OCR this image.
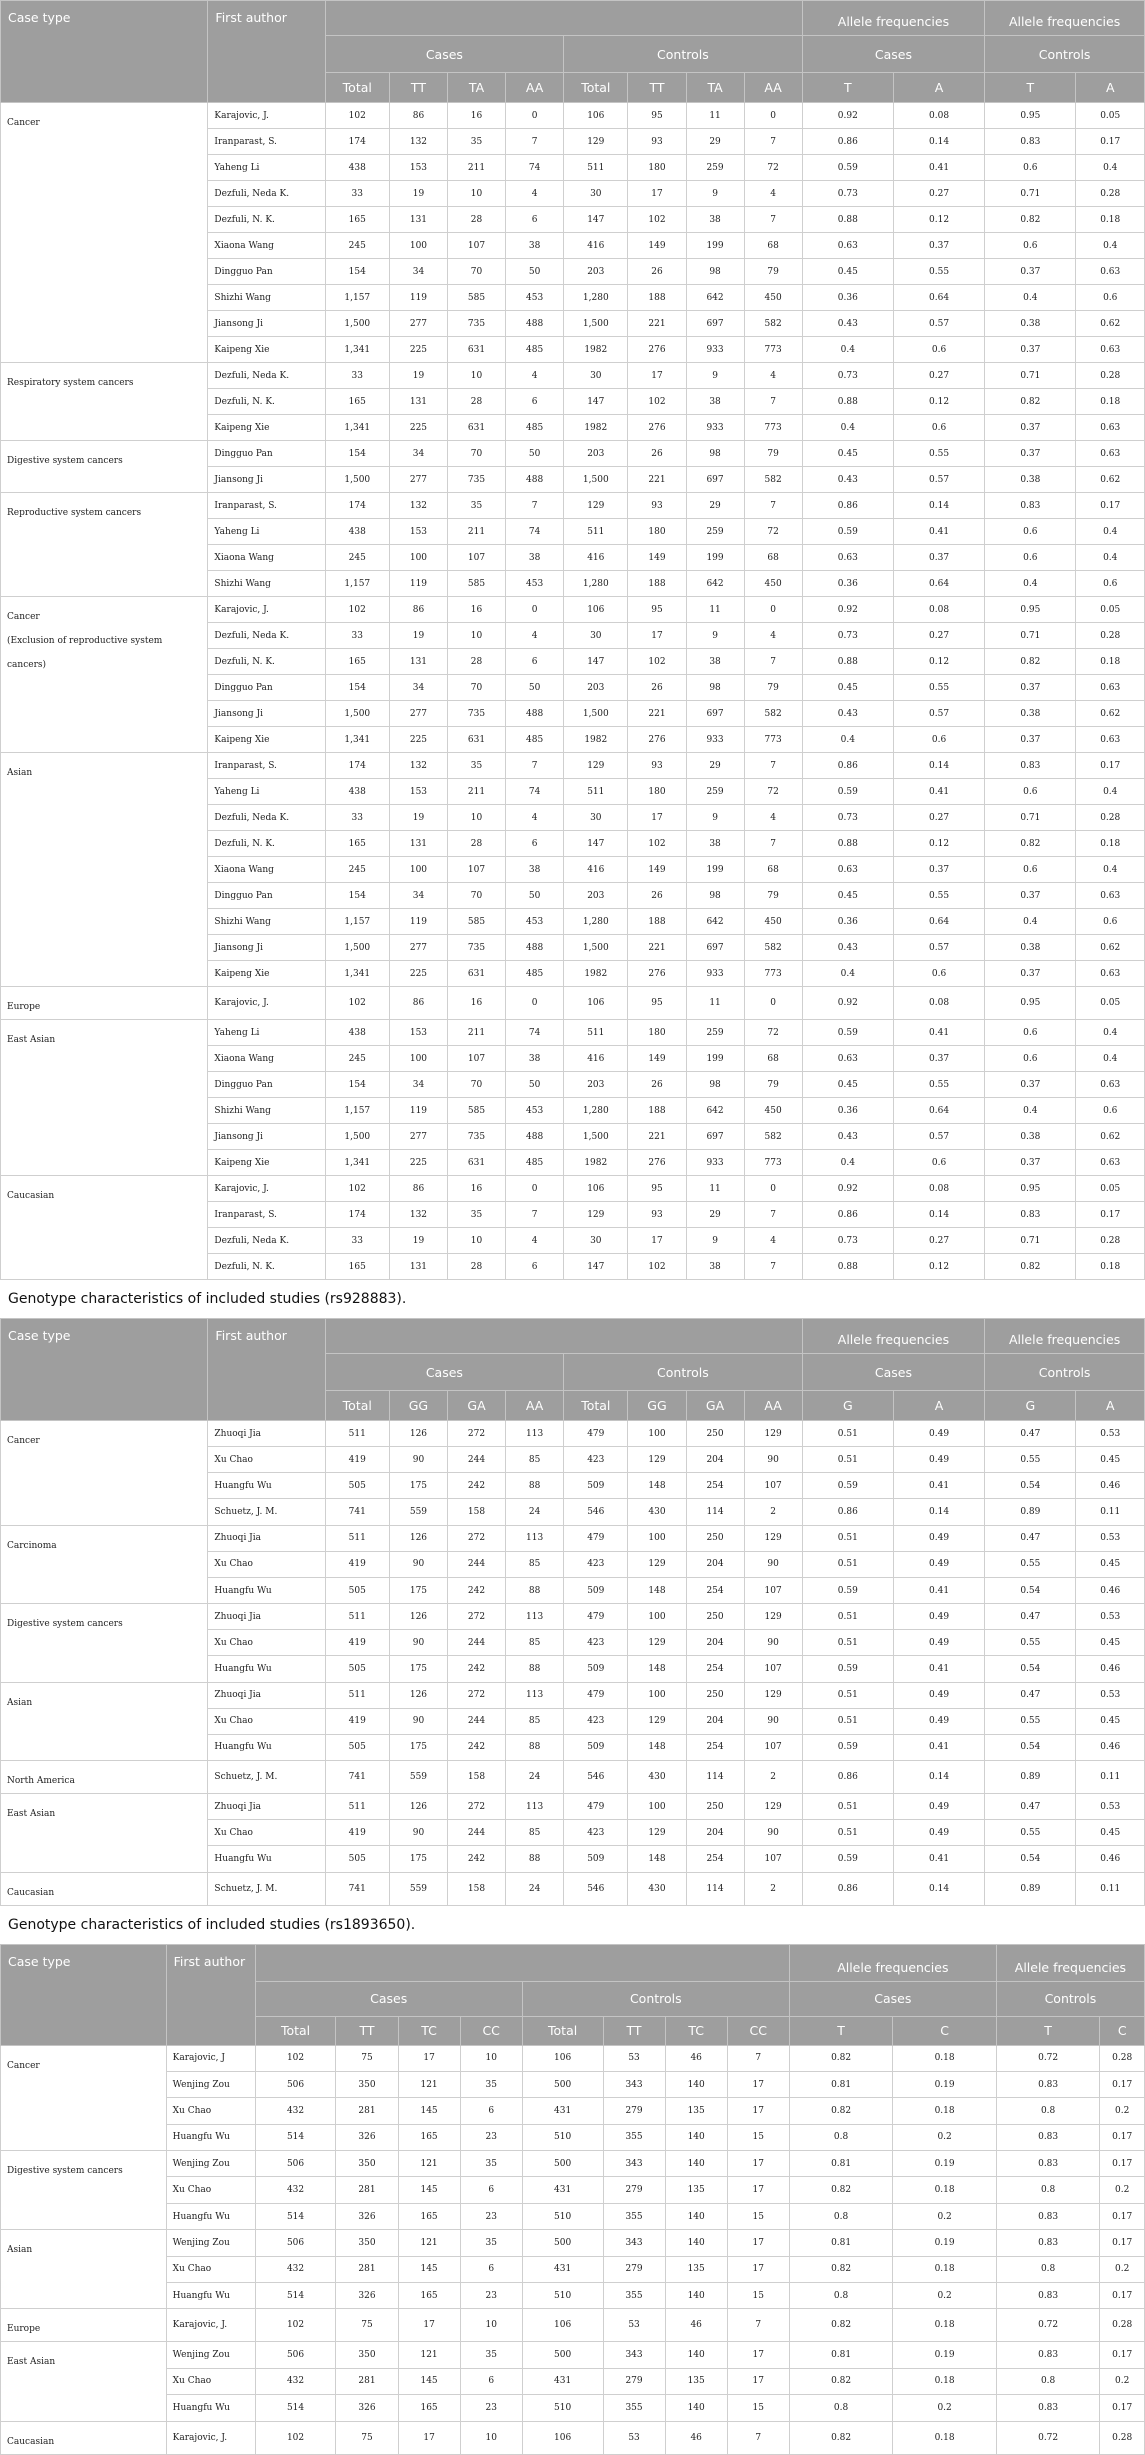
Case type	First author									Allele frequencies		Allele frequencies	
		Cases				Controls				Cases		Controls	
		Total	TT	TA	AA	Total	TT	TA	AA	T	A	T	A

Cancer	Karajovic, J.	102	86	16	0	106	95	11	0	0.92	0.08	0.95	0.05
	Iranparast, S.	174	132	35	7	129	93	29	7	0.86	0.14	0.83	0.17
	Yaheng Li	438	153	211	74	511	180	259	72	0.59	0.41	0.6	0.4
	Dezfuli, Neda K.	33	19	10	4	30	17	9	4	0.73	0.27	0.71	0.28
	Dezfuli, N. K.	165	131	28	6	147	102	38	7	0.88	0.12	0.82	0.18
	Xiaona Wang	245	100	107	38	416	149	199	68	0.63	0.37	0.6	0.4
	Dingguo Pan	154	34	70	50	203	26	98	79	0.45	0.55	0.37	0.63
	Shizhi Wang	1,157	119	585	453	1,280	188	642	450	0.36	0.64	0.4	0.6
	Jiansong Ji	1,500	277	735	488	1,500	221	697	582	0.43	0.57	0.38	0.62
	Kaipeng Xie	1,341	225	631	485	1982	276	933	773	0.4	0.6	0.37	0.63

Respiratory system cancers	Dezfuli, Neda K.	33	19	10	4	30	17	9	4	0.73	0.27	0.71	0.28
	Dezfuli, N. K.	165	131	28	6	147	102	38	7	0.88	0.12	0.82	0.18
	Kaipeng Xie	1,341	225	631	485	1982	276	933	773	0.4	0.6	0.37	0.63

Digestive system cancers	Dingguo Pan	154	34	70	50	203	26	98	79	0.45	0.55	0.37	0.63
	Jiansong Ji	1,500	277	735	488	1,500	221	697	582	0.43	0.57	0.38	0.62

Reproductive system cancers	Iranparast, S.	174	132	35	7	129	93	29	7	0.86	0.14	0.83	0.17
	Yaheng Li	438	153	211	74	511	180	259	72	0.59	0.41	0.6	0.4
	Xiaona Wang	245	100	107	38	416	149	199	68	0.63	0.37	0.6	0.4
	Shizhi Wang	1,157	119	585	453	1,280	188	642	450	0.36	0.64	0.4	0.6

Cancer
(Exclusion of reproductive system cancers)	Karajovic, J.	102	86	16	0	106	95	11	0	0.92	0.08	0.95	0.05
	Dezfuli, Neda K.	33	19	10	4	30	17	9	4	0.73	0.27	0.71	0.28
	Dezfuli, N. K.	165	131	28	6	147	102	38	7	0.88	0.12	0.82	0.18
	Dingguo Pan	154	34	70	50	203	26	98	79	0.45	0.55	0.37	0.63
	Jiansong Ji	1,500	277	735	488	1,500	221	697	582	0.43	0.57	0.38	0.62
	Kaipeng Xie	1,341	225	631	485	1982	276	933	773	0.4	0.6	0.37	0.63

Asian	Iranparast, S.	174	132	35	7	129	93	29	7	0.86	0.14	0.83	0.17
	Yaheng Li	438	153	211	74	511	180	259	72	0.59	0.41	0.6	0.4
	Dezfuli, Neda K.	33	19	10	4	30	17	9	4	0.73	0.27	0.71	0.28
	Dezfuli, N. K.	165	131	28	6	147	102	38	7	0.88	0.12	0.82	0.18
	Xiaona Wang	245	100	107	38	416	149	199	68	0.63	0.37	0.6	0.4
	Dingguo Pan	154	34	70	50	203	26	98	79	0.45	0.55	0.37	0.63
	Shizhi Wang	1,157	119	585	453	1,280	188	642	450	0.36	0.64	0.4	0.6
	Jiansong Ji	1,500	277	735	488	1,500	221	697	582	0.43	0.57	0.38	0.62
	Kaipeng Xie	1,341	225	631	485	1982	276	933	773	0.4	0.6	0.37	0.63

Europe	Karajovic, J.	102	86	16	0	106	95	11	0	0.92	0.08	0.95	0.05

East Asian	Yaheng Li	438	153	211	74	511	180	259	72	0.59	0.41	0.6	0.4
	Xiaona Wang	245	100	107	38	416	149	199	68	0.63	0.37	0.6	0.4
	Dingguo Pan	154	34	70	50	203	26	98	79	0.45	0.55	0.37	0.63
	Shizhi Wang	1,157	119	585	453	1,280	188	642	450	0.36	0.64	0.4	0.6
	Jiansong Ji	1,500	277	735	488	1,500	221	697	582	0.43	0.57	0.38	0.62
	Kaipeng Xie	1,341	225	631	485	1982	276	933	773	0.4	0.6	0.37	0.63

Caucasian	Karajovic, J.	102	86	16	0	106	95	11	0	0.92	0.08	0.95	0.05
	Iranparast, S.	174	132	35	7	129	93	29	7	0.86	0.14	0.83	0.17
	Dezfuli, Neda K.	33	19	10	4	30	17	9	4	0.73	0.27	0.71	0.28
	Dezfuli, N. K.	165	131	28	6	147	102	38	7	0.88	0.12	0.82	0.18
Genotype characteristics of included studies (rs928883).
Case type	First author									Allele frequencies		Allele frequencies	
		Cases				Controls				Cases		Controls	
		Total	GG	GA	AA	Total	GG	GA	AA	G	A	G	A

Cancer	Zhuoqi Jia	511	126	272	113	479	100	250	129	0.51	0.49	0.47	0.53
	Xu Chao	419	90	244	85	423	129	204	90	0.51	0.49	0.55	0.45
	Huangfu Wu	505	175	242	88	509	148	254	107	0.59	0.41	0.54	0.46
	Schuetz, J. M.	741	559	158	24	546	430	114	2	0.86	0.14	0.89	0.11

Carcinoma	Zhuoqi Jia	511	126	272	113	479	100	250	129	0.51	0.49	0.47	0.53
	Xu Chao	419	90	244	85	423	129	204	90	0.51	0.49	0.55	0.45
	Huangfu Wu	505	175	242	88	509	148	254	107	0.59	0.41	0.54	0.46

Digestive system cancers	Zhuoqi Jia	511	126	272	113	479	100	250	129	0.51	0.49	0.47	0.53
	Xu Chao	419	90	244	85	423	129	204	90	0.51	0.49	0.55	0.45
	Huangfu Wu	505	175	242	88	509	148	254	107	0.59	0.41	0.54	0.46

Asian	Zhuoqi Jia	511	126	272	113	479	100	250	129	0.51	0.49	0.47	0.53
	Xu Chao	419	90	244	85	423	129	204	90	0.51	0.49	0.55	0.45
	Huangfu Wu	505	175	242	88	509	148	254	107	0.59	0.41	0.54	0.46

North America	Schuetz, J. M.	741	559	158	24	546	430	114	2	0.86	0.14	0.89	0.11

East Asian	Zhuoqi Jia	511	126	272	113	479	100	250	129	0.51	0.49	0.47	0.53
	Xu Chao	419	90	244	85	423	129	204	90	0.51	0.49	0.55	0.45
	Huangfu Wu	505	175	242	88	509	148	254	107	0.59	0.41	0.54	0.46

Caucasian	Schuetz, J. M.	741	559	158	24	546	430	114	2	0.86	0.14	0.89	0.11
Genotype characteristics of included studies (rs1893650).
Case type	First author									Allele frequencies		Allele frequencies	
		Cases				Controls				Cases		Controls	
		Total	TT	TC	CC	Total	TT	TC	CC	T	C	T	C

Cancer	Karajovic, J	102	75	17	10	106	53	46	7	0.82	0.18	0.72	0.28
	Wenjing Zou	506	350	121	35	500	343	140	17	0.81	0.19	0.83	0.17
	Xu Chao	432	281	145	6	431	279	135	17	0.82	0.18	0.8	0.2
	Huangfu Wu	514	326	165	23	510	355	140	15	0.8	0.2	0.83	0.17

Digestive system cancers	Wenjing Zou	506	350	121	35	500	343	140	17	0.81	0.19	0.83	0.17
	Xu Chao	432	281	145	6	431	279	135	17	0.82	0.18	0.8	0.2
	Huangfu Wu	514	326	165	23	510	355	140	15	0.8	0.2	0.83	0.17

Asian	Wenjing Zou	506	350	121	35	500	343	140	17	0.81	0.19	0.83	0.17
	Xu Chao	432	281	145	6	431	279	135	17	0.82	0.18	0.8	0.2
	Huangfu Wu	514	326	165	23	510	355	140	15	0.8	0.2	0.83	0.17

Europe	Karajovic, J.	102	75	17	10	106	53	46	7	0.82	0.18	0.72	0.28

East Asian	Wenjing Zou	506	350	121	35	500	343	140	17	0.81	0.19	0.83	0.17
	Xu Chao	432	281	145	6	431	279	135	17	0.82	0.18	0.8	0.2
	Huangfu Wu	514	326	165	23	510	355	140	15	0.8	0.2	0.83	0.17

Caucasian	Karajovic, J.	102	75	17	10	106	53	46	7	0.82	0.18	0.72	0.28
